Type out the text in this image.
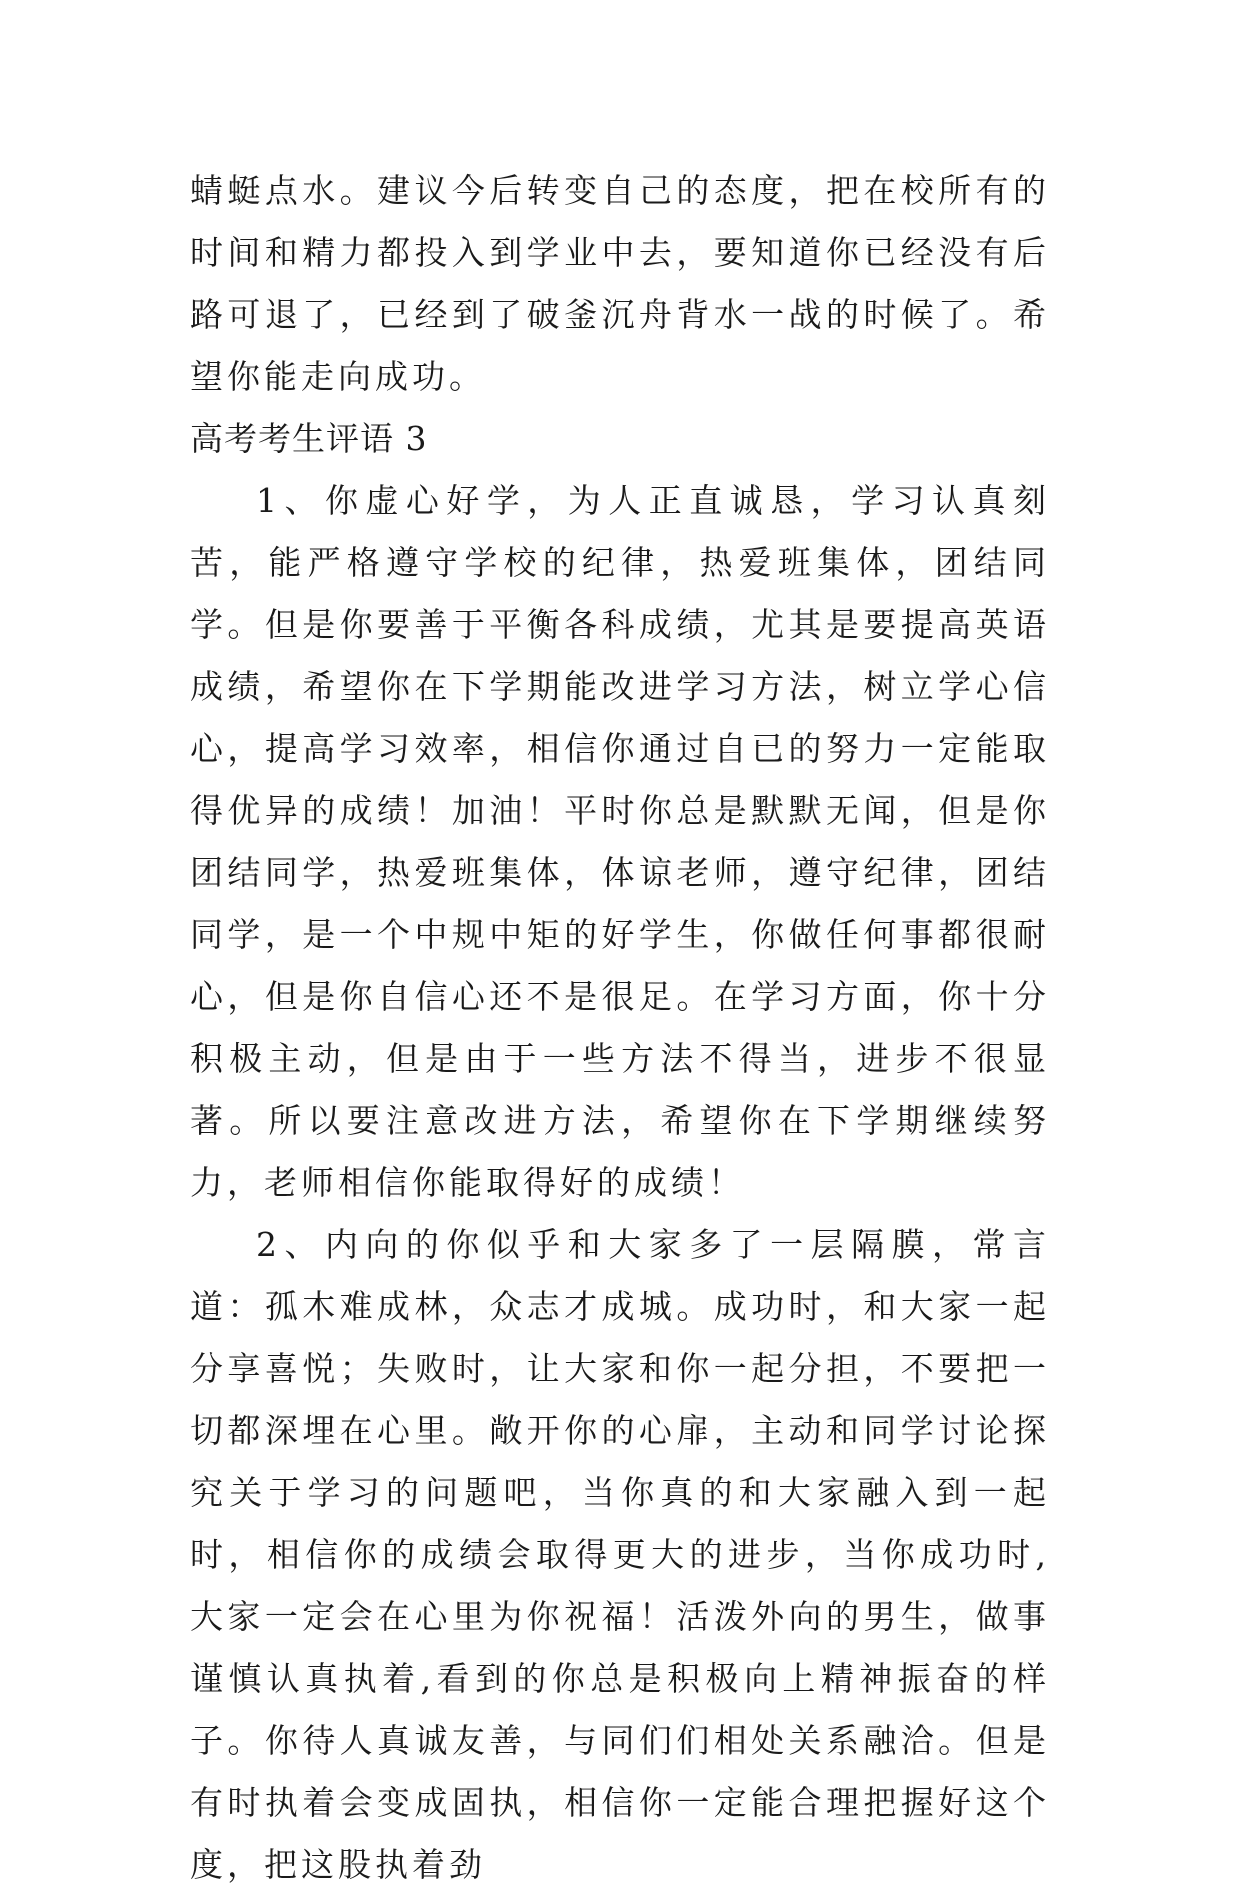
蜻蜓点水。建议今后转变自己的态度，把在校所有的时间和精力都投入到学业中去，要知道你已经没有后路可退了，已经到了破釜沉舟背水一战的时候了。希望你能走向成功。

高考考生评语 3

1、你虚心好学，为人正直诚恳，学习认真刻苦，能严格遵守学校的纪律，热爱班集体，团结同学。但是你要善于平衡各科成绩，尤其是要提高英语成绩，希望你在下学期能改进学习方法，树立学心信心，提高学习效率，相信你通过自已的努力一定能取得优异的成绩！加油！平时你总是默默无闻，但是你团结同学，热爱班集体，体谅老师，遵守纪律，团结同学，是一个中规中矩的好学生，你做任何事都很耐心，但是你自信心还不是很足。在学习方面，你十分积极主动，但是由于一些方法不得当，进步不很显著。所以要注意改进方法，希望你在下学期继续努力，老师相信你能取得好的成绩！

2、内向的你似乎和大家多了一层隔膜，常言道：孤木难成林，众志才成城。成功时，和大家一起分享喜悦；失败时，让大家和你一起分担，不要把一切都深埋在心里。敞开你的心扉，主动和同学讨论探究关于学习的问题吧，当你真的和大家融入到一起时，相信你的成绩会取得更大的进步，当你成功时,大家一定会在心里为你祝福！活泼外向的男生，做事谨慎认真执着,看到的你总是积极向上精神振奋的样子。你待人真诚友善，与同们们相处关系融洽。但是有时执着会变成固执，相信你一定能合理把握好这个度，把这股执着劲
